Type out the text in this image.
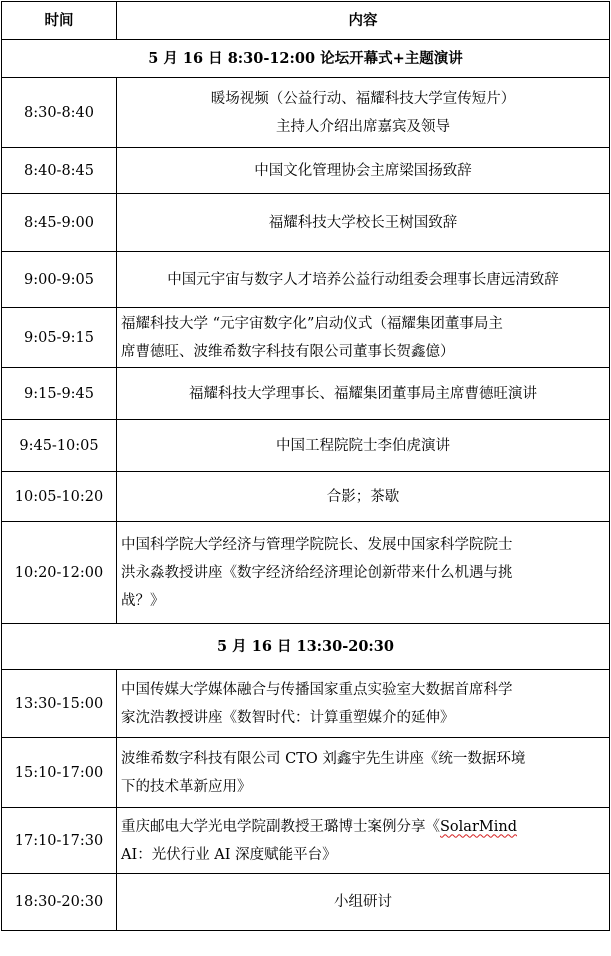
时间	内容
5 月 16 日 8:30-12:00 论坛开幕式+主题演讲	
8:30-8:40	暖场视频（公益行动、福耀科技大学宣传短片）
主持人介绍出席嘉宾及领导

8:40-8:45	中国文化管理协会主席梁国扬致辞

8:45-9:00	福耀科技大学校长王树国致辞

9:00-9:05	中国元宇宙与数字人才培养公益行动组委会理事长唐远清致辞

9:05-9:15	福耀科技大学 “元宇宙数字化”启动仪式（福耀集团董事局主
席曹德旺、波维希数字科技有限公司董事长贺鑫億）

9:15-9:45	福耀科技大学理事长、福耀集团董事局主席曹德旺演讲

9:45-10:05	中国工程院院士李伯虎演讲

10:05-10:20	合影；茶歇

10:20-12:00	中国科学院大学经济与管理学院院长、发展中国家科学院院士
洪永淼教授讲座《数字经济给经济理论创新带来什么机遇与挑
战？》

5 月 16 日 13:30-20:30	
13:30-15:00	中国传媒大学媒体融合与传播国家重点实验室大数据首席科学
家沈浩教授讲座《数智时代：计算重塑媒介的延伸》

15:10-17:00	波维希数字科技有限公司 CTO 刘鑫宇先生讲座《统一数据环境
下的技术革新应用》

17:10-17:30	重庆邮电大学光电学院副教授王璐博士案例分享《SolarMind
AI：光伏行业 AI 深度赋能平台》

18:30-20:30	小组研讨
